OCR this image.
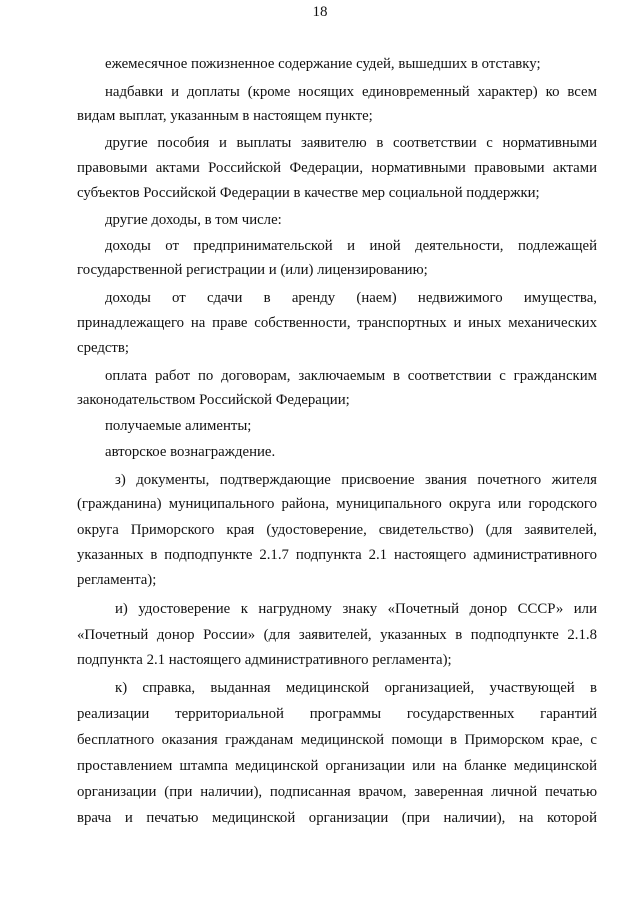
18
ежемесячное пожизненное содержание судей, вышедших в отставку;
надбавки и доплаты (кроме носящих единовременный характер) ко всем
видам выплат, указанным в настоящем пункте;
другие пособия и выплаты заявителю в соответствии с нормативными
правовыми актами Российской Федерации, нормативными правовыми актами
субъектов Российской Федерации в качестве мер социальной поддержки;
другие доходы, в том числе:
доходы от предпринимательской и иной деятельности, подлежащей
государственной регистрации и (или) лицензированию;
доходы от сдачи в аренду (наем) недвижимого имущества,
принадлежащего на праве собственности, транспортных и иных механических
средств;
оплата работ по договорам, заключаемым в соответствии с гражданским
законодательством Российской Федерации;
получаемые алименты;
авторское вознаграждение.
з) документы, подтверждающие присвоение звания почетного жителя
(гражданина) муниципального района, муниципального округа или городского
округа Приморского края (удостоверение, свидетельство) (для заявителей,
указанных в подподпункте 2.1.7 подпункта 2.1 настоящего административного
регламента);
и) удостоверение к нагрудному знаку «Почетный донор СССР» или
«Почетный донор России» (для заявителей, указанных в подподпункте 2.1.8
подпункта 2.1 настоящего административного регламента);
к) справка, выданная медицинской организацией, участвующей в
реализации территориальной программы государственных гарантий
бесплатного оказания гражданам медицинской помощи в Приморском крае, с
проставлением штампа медицинской организации или на бланке медицинской
организации (при наличии), подписанная врачом, заверенная личной печатью
врача и печатью медицинской организации (при наличии), на которой
